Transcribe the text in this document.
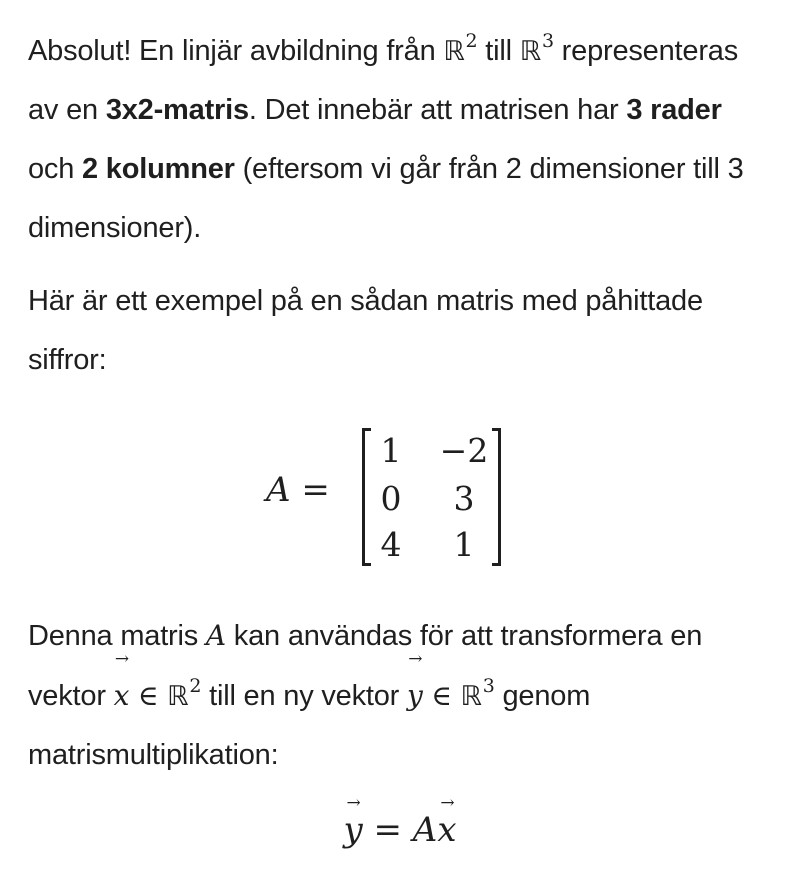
Absolut! En linjär avbildning från ℝ$^2$ till ℝ$^3$ representeras av en 3x2-matris. Det innebär att matrisen har 3 rader och 2 kolumner (eftersom vi går från 2 dimensioner till 3 dimensioner).

Här är ett exempel på en sådan matris med påhittade siffror:

A =
1 −2
0	3
4	1

Denna matris A kan användas för att transformera en vektor
→
x ∈ ℝ$^2$ till en ny vektor
→
y ∈ ℝ$^3$ genom matrismultiplikation:

→
y = A
→
x
